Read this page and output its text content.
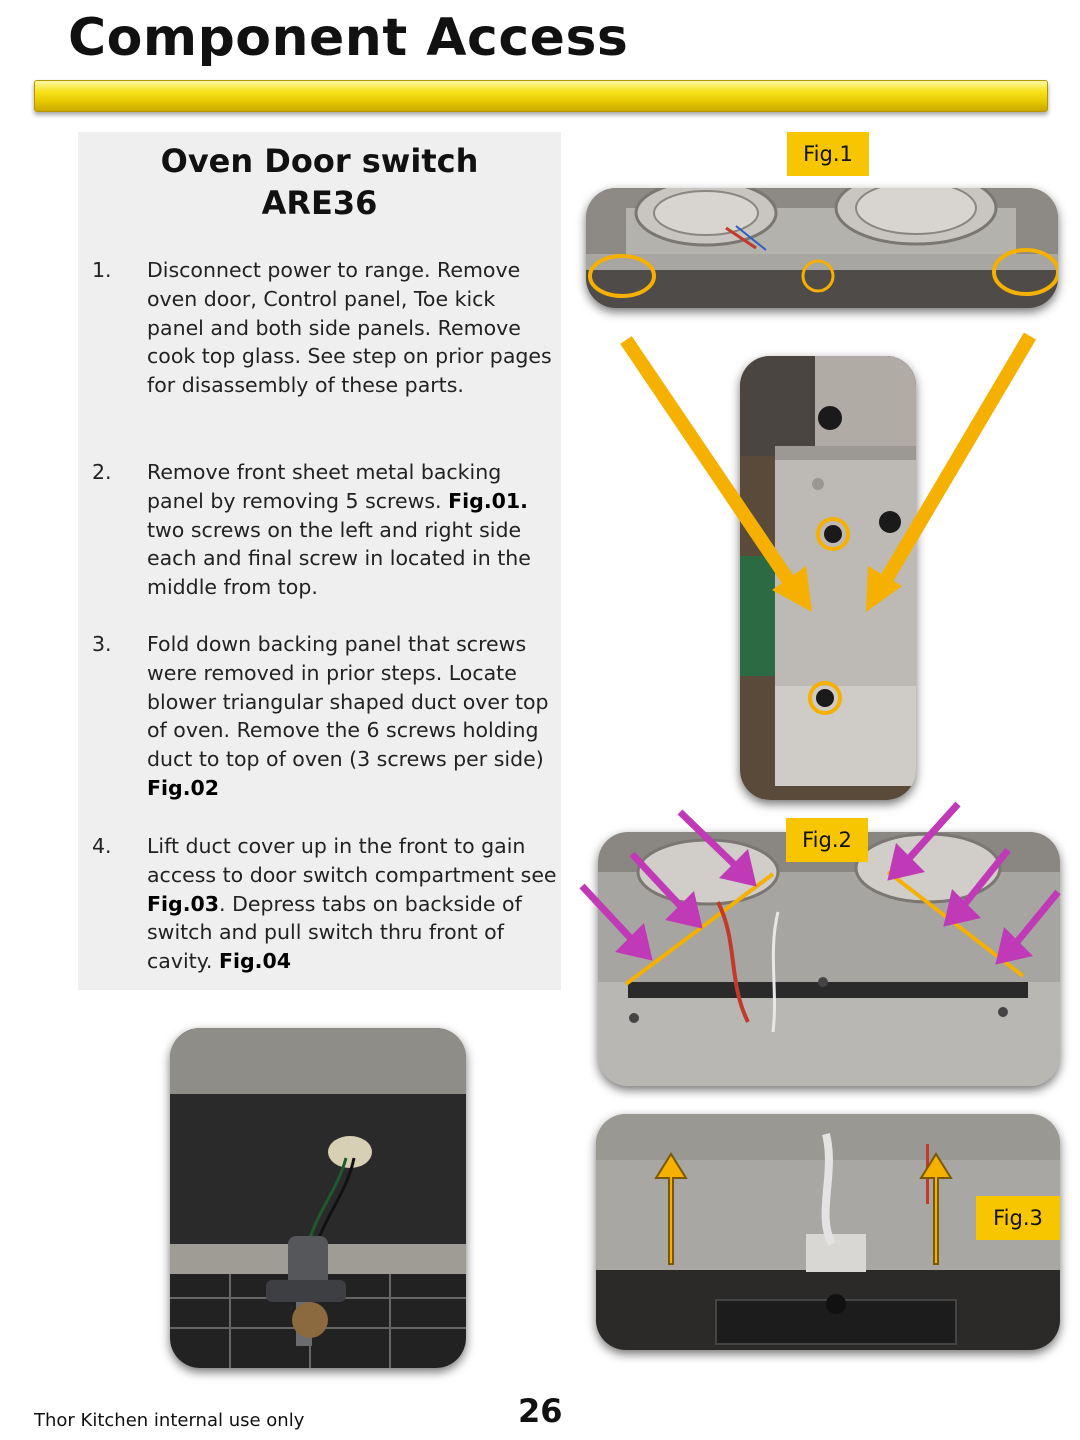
Component Access
Oven Door switch
ARE36
1. Disconnect power to range. Remove oven door, Control panel, Toe kick panel and both side panels. Remove cook top glass. See step on prior pages for disassembly of these parts.
2. Remove front sheet metal backing panel by removing 5 screws. Fig.01. two screws on the left and right side each and final screw in located in the middle from top.
3. Fold down backing panel that screws were removed in prior steps. Locate blower triangular shaped duct over top of oven. Remove the 6 screws holding duct to top of oven (3 screws per side) Fig.02
4. Lift duct cover up in the front to gain access to door switch compartment see Fig.03. Depress tabs on backside of switch and pull switch thru front of cavity. Fig.04
Fig.1
Fig.2
Fig.3
Thor Kitchen internal use only	26
